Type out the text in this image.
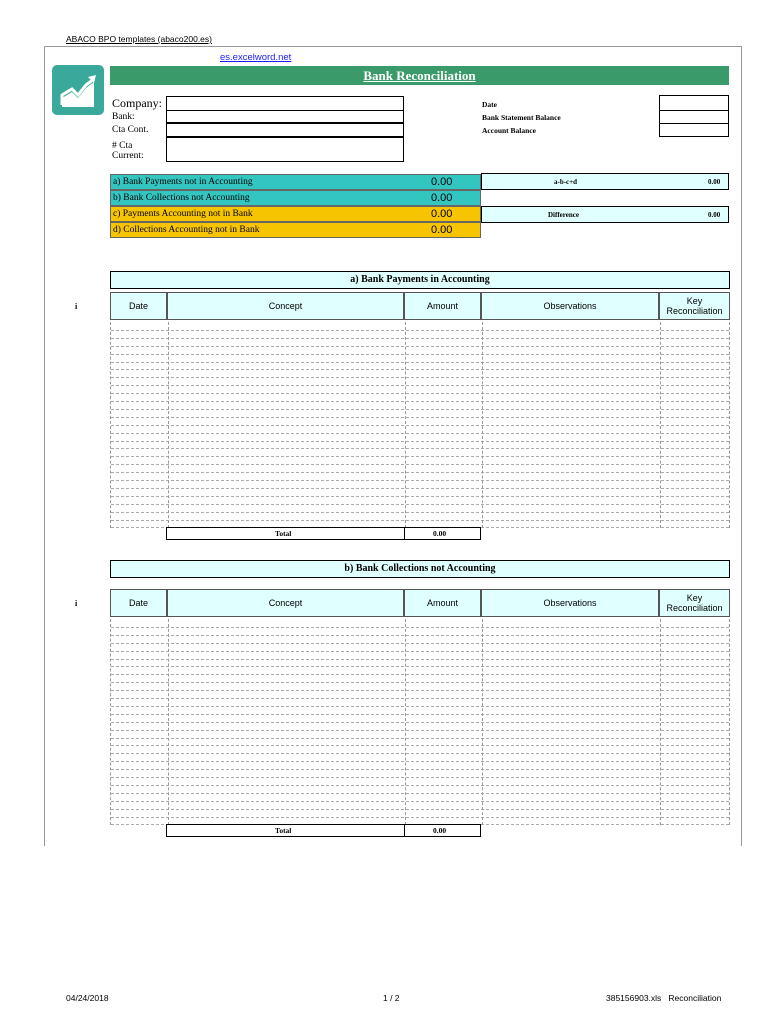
ABACO BPO templates (abaco200.es)
es.excelword.net
Bank Reconciliation
Company:
Bank:
Cta Cont.
# Cta
Current:
Date
Bank Statement Balance
Account Balance
a) Bank Payments not in Accounting	0.00
b) Bank Collections not Accounting	0.00
c) Payments Accounting not in Bank	0.00
d) Collections Accounting not in Bank	0.00
a-b-c+d	0.00
Difference	0.00
a) Bank Payments in Accounting
i	Date	Concept	Amount	Observations	Key Reconciliation
Total	0.00
b) Bank Collections not Accounting
i	Date	Concept	Amount	Observations	Key Reconciliation
Total	0.00
04/24/2018	1 / 2	385156903.xls   Reconciliation
